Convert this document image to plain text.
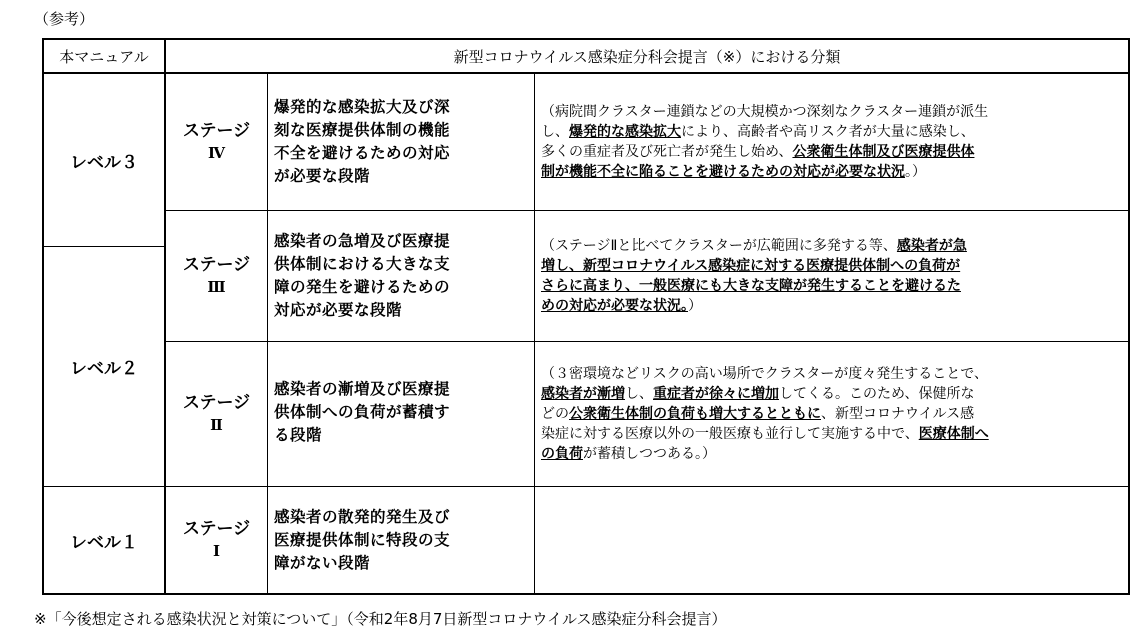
（参考）
本マニュアル	新型コロナウイルス感染症分科会提言（※）における分類
レベル３
レベル２
レベル１
ステージ
Ⅳ
爆発的な感染拡大及び深
刻な医療提供体制の機能
不全を避けるための対応
が必要な段階
（病院間クラスター連鎖などの大規模かつ深刻なクラスター連鎖が派生
し、爆発的な感染拡大により、高齢者や高リスク者が大量に感染し、
多くの重症者及び死亡者が発生し始め、公衆衛生体制及び医療提供体
制が機能不全に陥ることを避けるための対応が必要な状況。）
ステージ
Ⅲ
感染者の急増及び医療提
供体制における大きな支
障の発生を避けるための
対応が必要な段階
（ステージⅡと比べてクラスターが広範囲に多発する等、感染者が急
増し、新型コロナウイルス感染症に対する医療提供体制への負荷が
さらに高まり、一般医療にも大きな支障が発生することを避けるた
めの対応が必要な状況。）
ステージ
Ⅱ
感染者の漸増及び医療提
供体制への負荷が蓄積す
る段階
（３密環境などリスクの高い場所でクラスターが度々発生することで、
感染者が漸増し、重症者が徐々に増加してくる。このため、保健所な
どの公衆衛生体制の負荷も増大するとともに、新型コロナウイルス感
染症に対する医療以外の一般医療も並行して実施する中で、医療体制へ
の負荷が蓄積しつつある。）
ステージ
Ⅰ
感染者の散発的発生及び
医療提供体制に特段の支
障がない段階
※「今後想定される感染状況と対策について」（令和2年8月7日新型コロナウイルス感染症分科会提言）
